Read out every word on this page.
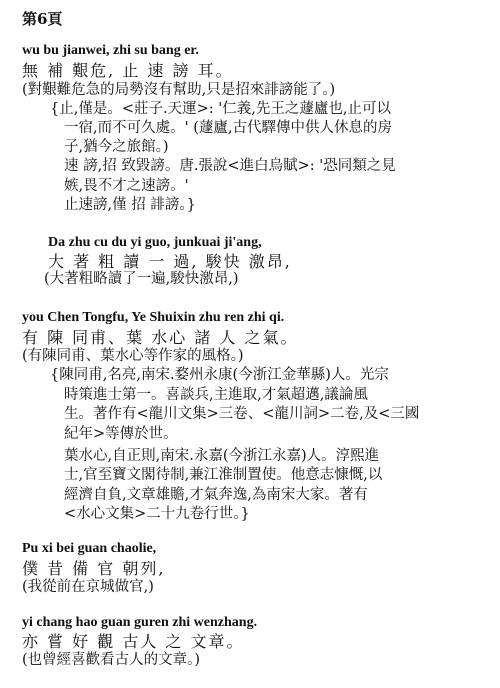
第6頁
wu bu jianwei, zhi su bang er.
無 補 艱危, 止 速 謗 耳。
(對艱難危急的局勢沒有幫助,只是招來誹謗能了。)
{止,僅是。<莊子.天運>: '仁義,先王之蘧廬也,止可以
一宿,而不可久處。' (蘧廬,古代驛傳中供人休息的房
子,猶今之旅館。)
速 謗,招 致毀謗。唐.張說<進白烏賦>: '恐同類之見
嫉,畏不才之速謗。'
止速謗,僅 招 誹謗。}
Da zhu cu du yi guo, junkuai ji'ang,
大 著 粗 讀 一 過, 駿快 激昂,
(大著粗略讀了一遍,駿快激昂,)
you Chen Tongfu, Ye Shuixin zhu ren zhi qi.
有 陳 同甫、葉 水心 諸 人 之氣。
(有陳同甫、葉水心等作家的風格。)
{陳同甫,名亮,南宋.婺州永康(今浙江金華縣)人。光宗
時策進士第一。喜談兵,主進取,才氣超邁,議論風
生。著作有<龍川文集>三卷、<龍川詞>二卷,及<三國
紀年>等傳於世。
葉水心,自正則,南宋.永嘉(今浙江永嘉)人。淳熙進
士,官至寶文閣待制,兼江淮制置使。他意志慷慨,以
經濟自負,文章雄贍,才氣奔逸,為南宋大家。著有
<水心文集>二十九卷行世。}
Pu xi bei guan chaolie,
僕 昔 備 官 朝列,
(我從前在京城做官,)
yi chang hao guan guren zhi wenzhang.
亦 嘗 好 觀 古人 之 文章。
(也曾經喜歡看古人的文章。)
